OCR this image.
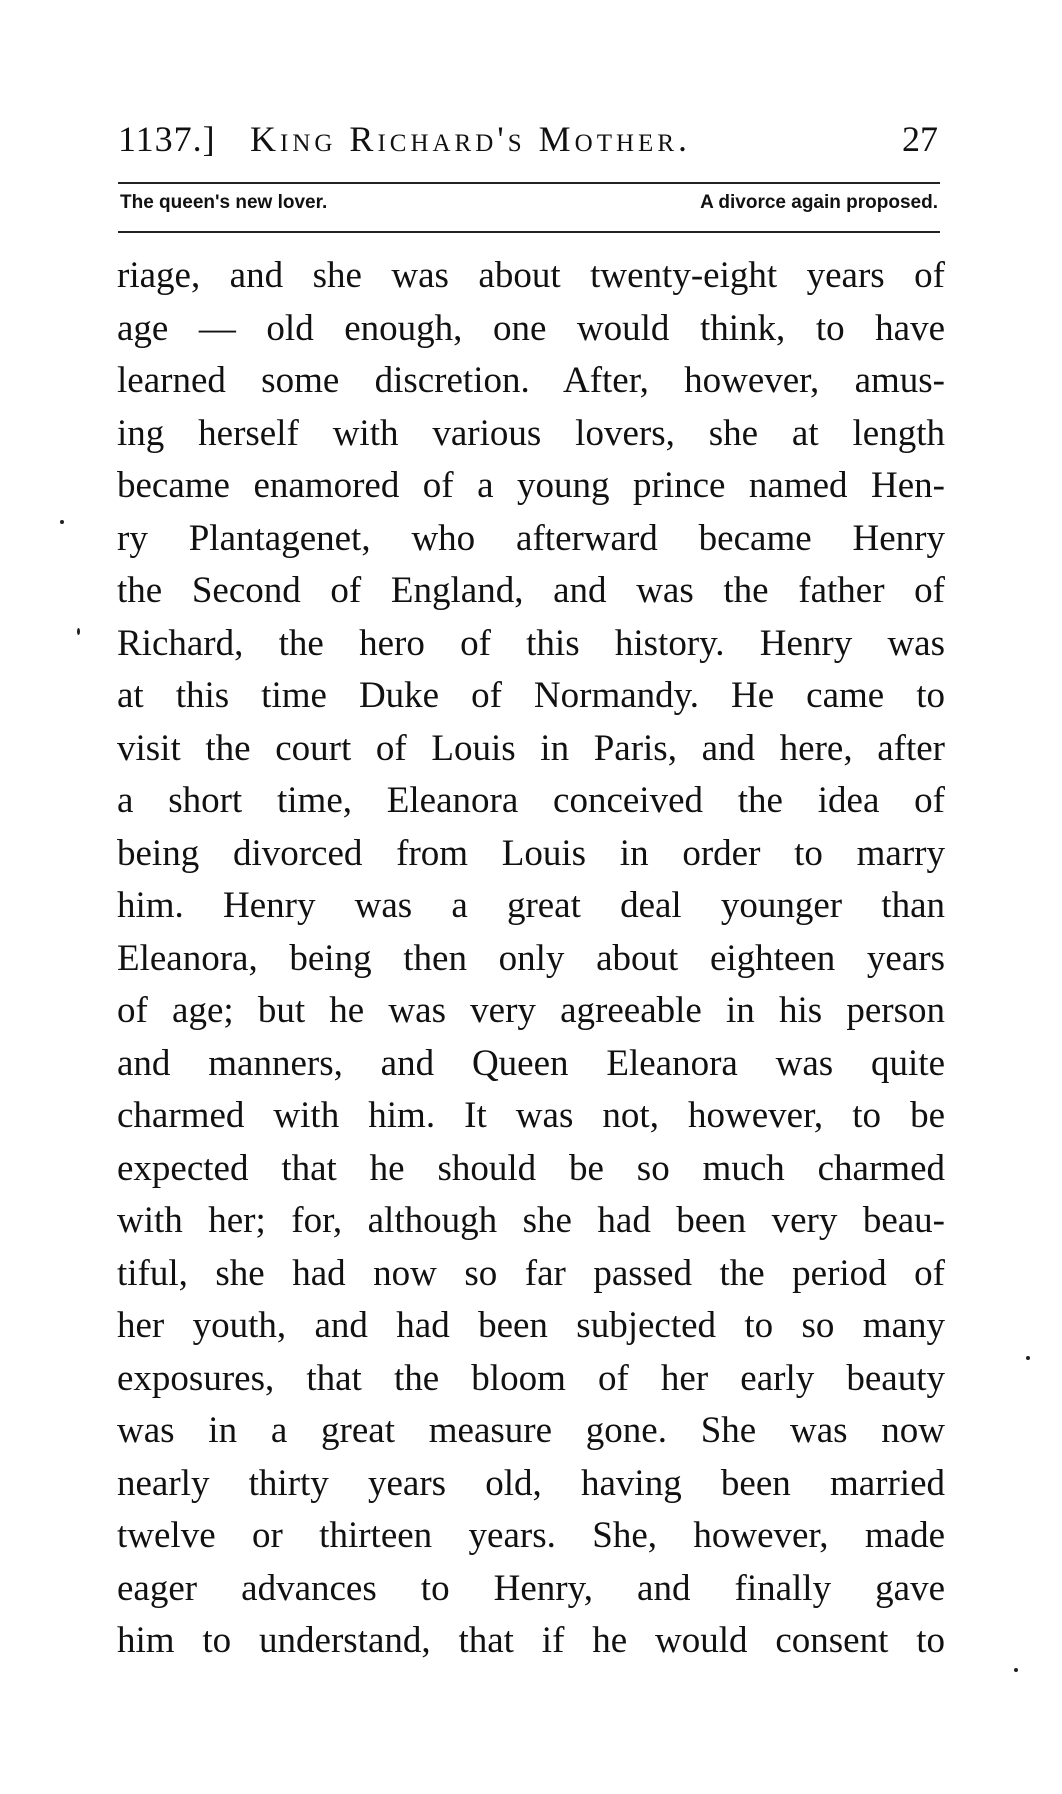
1137.] King Richard's Mother.	27
The queen's new lover.	A divorce again proposed.
riage, and she was about twenty-eight years of
age — old enough, one would think, to have
learned some discretion. After, however, amus-
ing herself with various lovers, she at length
became enamored of a young prince named Hen-
ry Plantagenet, who afterward became Henry
the Second of England, and was the father of
Richard, the hero of this history. Henry was
at this time Duke of Normandy. He came to
visit the court of Louis in Paris, and here, after
a short time, Eleanora conceived the idea of
being divorced from Louis in order to marry
him. Henry was a great deal younger than
Eleanora, being then only about eighteen years
of age; but he was very agreeable in his person
and manners, and Queen Eleanora was quite
charmed with him. It was not, however, to be
expected that he should be so much charmed
with her; for, although she had been very beau-
tiful, she had now so far passed the period of
her youth, and had been subjected to so many
exposures, that the bloom of her early beauty
was in a great measure gone. She was now
nearly thirty years old, having been married
twelve or thirteen years. She, however, made
eager advances to Henry, and finally gave
him to understand, that if he would consent to
